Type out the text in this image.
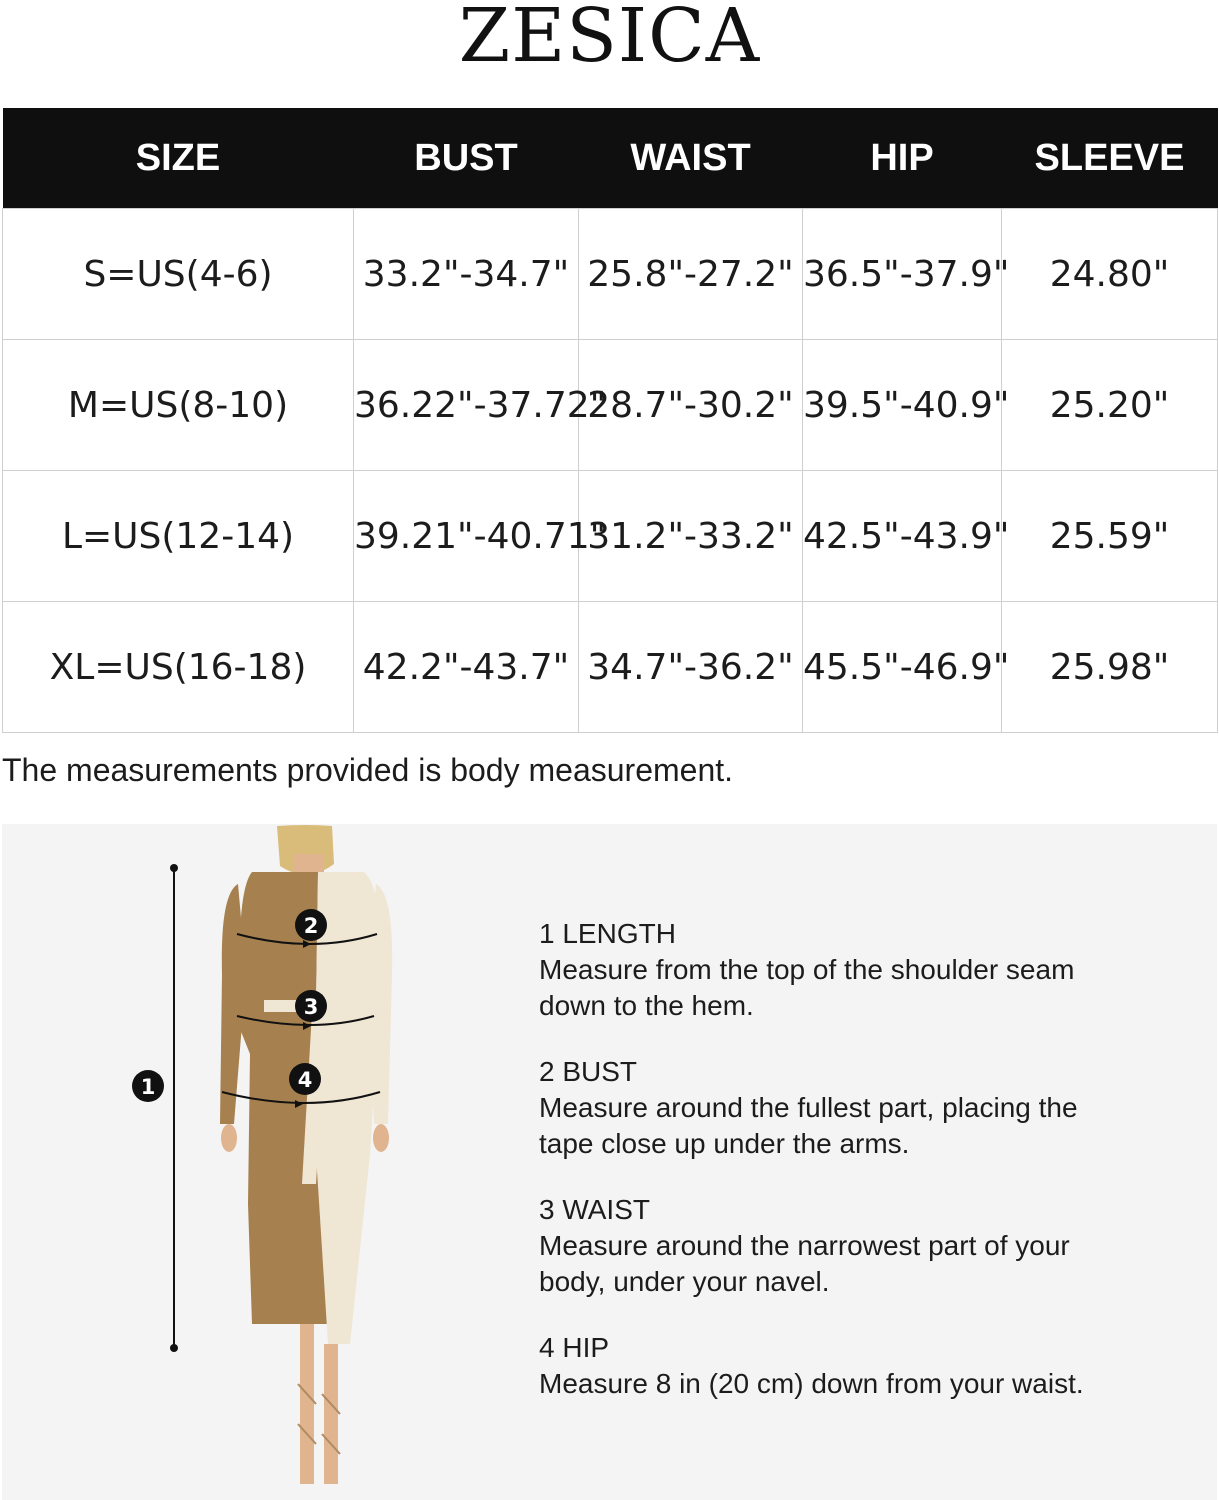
ZESICA
SIZE	BUST	WAIST	HIP	SLEEVE
S=US(4-6)	33.2"-34.7"	25.8"-27.2"	36.5"-37.9"	24.80"
M=US(8-10)	36.22"-37.72"	28.7"-30.2"	39.5"-40.9"	25.20"
L=US(12-14)	39.21"-40.71"	31.2"-33.2"	42.5"-43.9"	25.59"
XL=US(16-18)	42.2"-43.7"	34.7"-36.2"	45.5"-46.9"	25.98"
The measurements provided is body measurement.
1
2
3
4
1 LENGTH
Measure from the top of the shoulder seam down to the hem.
2 BUST
Measure around the fullest part, placing the tape close up under the arms.
3 WAIST
Measure around the narrowest part of your body, under your navel.
4 HIP
Measure 8 in (20 cm) down from your waist.
